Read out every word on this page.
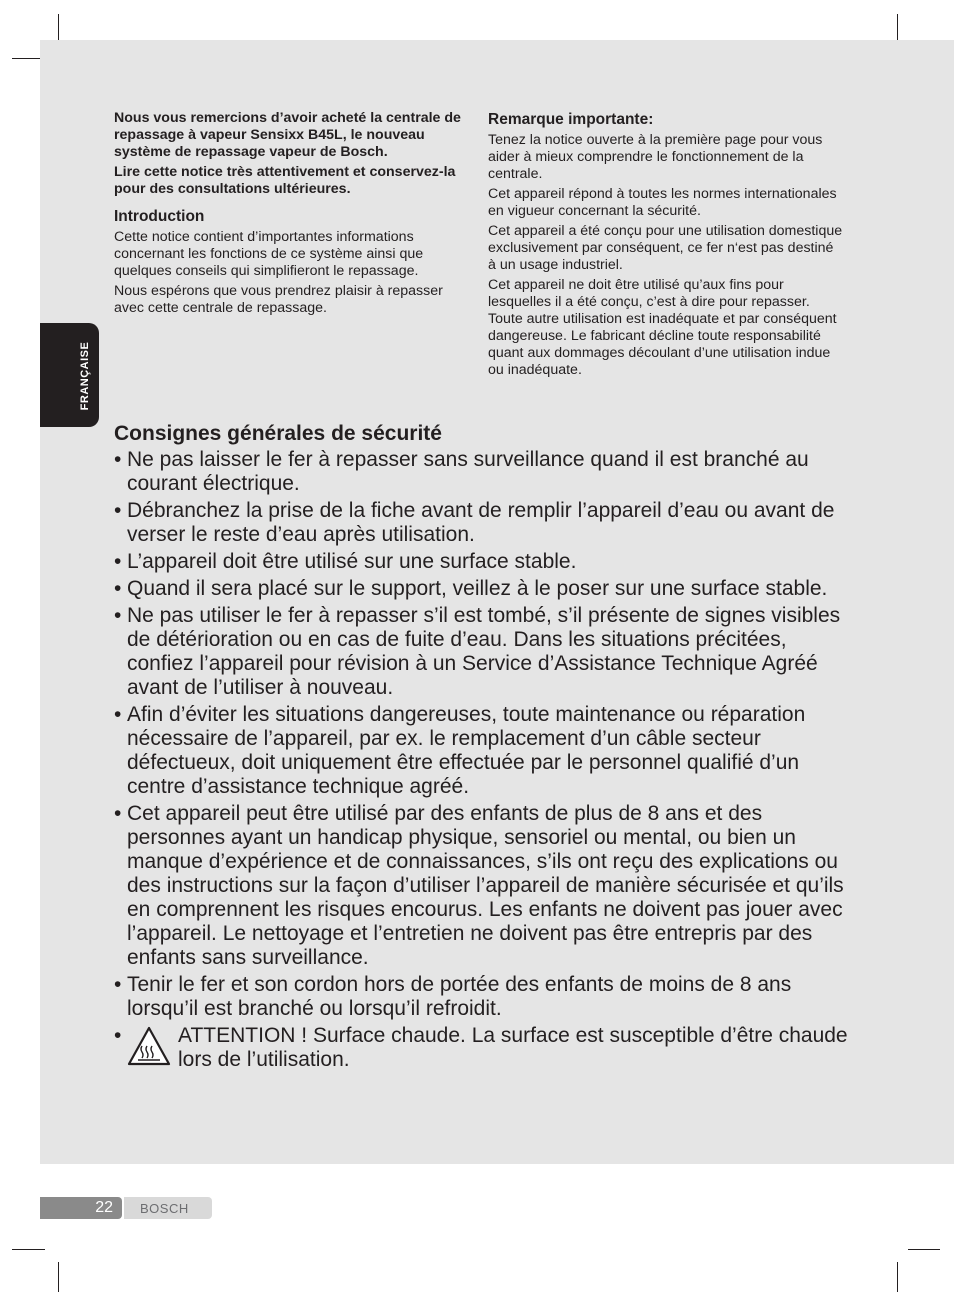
FRANÇAISE

Nous vous remercions d’avoir acheté la centrale de repassage à vapeur Sensixx B45L, le nouveau système de repassage vapeur de Bosch.

Lire cette notice très attentivement et conservez-la pour des consultations ultérieures.

Introduction

Cette notice contient d’importantes informations concernant les fonctions de ce système ainsi que quelques conseils qui simplifieront le repassage.

Nous espérons que vous prendrez plaisir à repasser avec cette centrale de repassage.

Remarque importante:

Tenez la notice ouverte à la première page pour vous aider à mieux comprendre le fonctionnement de la centrale.

Cet appareil répond à toutes les normes internationales en vigueur concernant la sécurité.

Cet appareil a été conçu pour une utilisation domestique exclusivement par conséquent, ce fer n‘est pas destiné à un usage industriel.

Cet appareil ne doit être utilisé qu’aux fins pour lesquelles il a été conçu, c’est à dire pour repasser. Toute autre utilisation est inadéquate et par conséquent dangereuse. Le fabricant décline toute responsabilité quant aux dommages découlant d’une utilisation indue ou inadéquate.

Consignes générales de sécurité
• Ne pas laisser le fer à repasser sans surveillance quand il est branché au courant électrique.
• Débranchez la prise de la fiche avant de remplir l’appareil d’eau ou avant de verser le reste d’eau après utilisation.
• L’appareil doit être utilisé sur une surface stable.
• Quand il sera placé sur le support, veillez à le poser sur une surface stable.
• Ne pas utiliser le fer à repasser s’il est tombé, s’il présente de signes visibles de détérioration ou en cas de fuite d’eau. Dans les situations précitées, confiez l’appareil pour révision à un Service d’Assistance Technique Agréé avant de l’utiliser à nouveau.
• Afin d’éviter les situations dangereuses, toute maintenance ou réparation nécessaire de l’appareil, par ex. le remplacement d’un câble secteur défectueux, doit uniquement être effectuée par le personnel qualifié d’un centre d’assistance technique agréé.
• Cet appareil peut être utilisé par des enfants de plus de 8 ans et des personnes ayant un handicap physique, sensoriel ou mental, ou bien un manque d’expérience et de connaissances, s’ils ont reçu des explications ou des instructions sur la façon d’utiliser l’appareil de manière sécurisée et qu’ils en comprennent les risques encourus. Les enfants ne doivent pas jouer avec l’appareil. Le nettoyage et l’entretien ne doivent pas être entrepris par des enfants sans surveillance.
• Tenir le fer et son cordon hors de portée des enfants de moins de 8 ans lorsqu’il est branché ou lorsqu’il refroidit.
• ATTENTION ! Surface chaude. La surface est susceptible d’être chaude lors de l’utilisation.
22 BOSCH
